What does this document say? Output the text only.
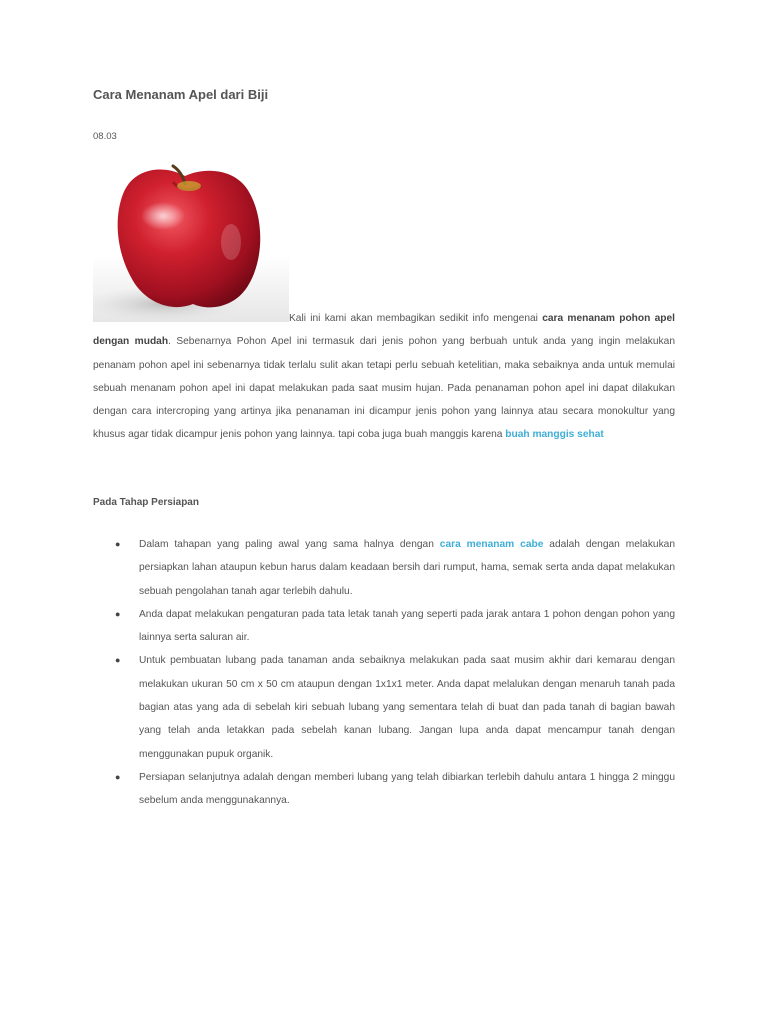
Cara Menanam Apel dari Biji
08.03
Kali ini kami akan membagikan sedikit info mengenai cara menanam pohon apel dengan mudah. Sebenarnya Pohon Apel ini termasuk dari jenis pohon yang berbuah untuk anda yang ingin melakukan penanam pohon apel ini sebenarnya tidak terlalu sulit akan tetapi perlu sebuah ketelitian, maka sebaiknya anda untuk memulai sebuah menanam pohon apel ini dapat melakukan pada saat musim hujan. Pada penanaman pohon apel ini dapat dilakukan dengan cara intercroping yang artinya jika penanaman ini dicampur jenis pohon yang lainnya atau secara monokultur yang khusus agar tidak dicampur jenis pohon yang lainnya. tapi coba juga buah manggis karena buah manggis sehat
Pada Tahap Persiapan
● Dalam tahapan yang paling awal yang sama halnya dengan cara menanam cabe adalah dengan melakukan persiapkan lahan ataupun kebun harus dalam keadaan bersih dari rumput, hama, semak serta anda dapat melakukan sebuah pengolahan tanah agar terlebih dahulu.
● Anda dapat melakukan pengaturan pada tata letak tanah yang seperti pada jarak antara 1 pohon dengan pohon yang lainnya serta saluran air.
● Untuk pembuatan lubang pada tanaman anda sebaiknya melakukan pada saat musim akhir dari kemarau dengan melakukan ukuran 50 cm x 50 cm ataupun dengan 1x1x1 meter. Anda dapat melalukan dengan menaruh tanah pada bagian atas yang ada di sebelah kiri sebuah lubang yang sementara telah di buat dan pada tanah di bagian bawah yang telah anda letakkan pada sebelah kanan lubang. Jangan lupa anda dapat mencampur tanah dengan menggunakan pupuk organik.
● Persiapan selanjutnya adalah dengan memberi lubang yang telah dibiarkan terlebih dahulu antara 1 hingga 2 minggu sebelum anda menggunakannya.
